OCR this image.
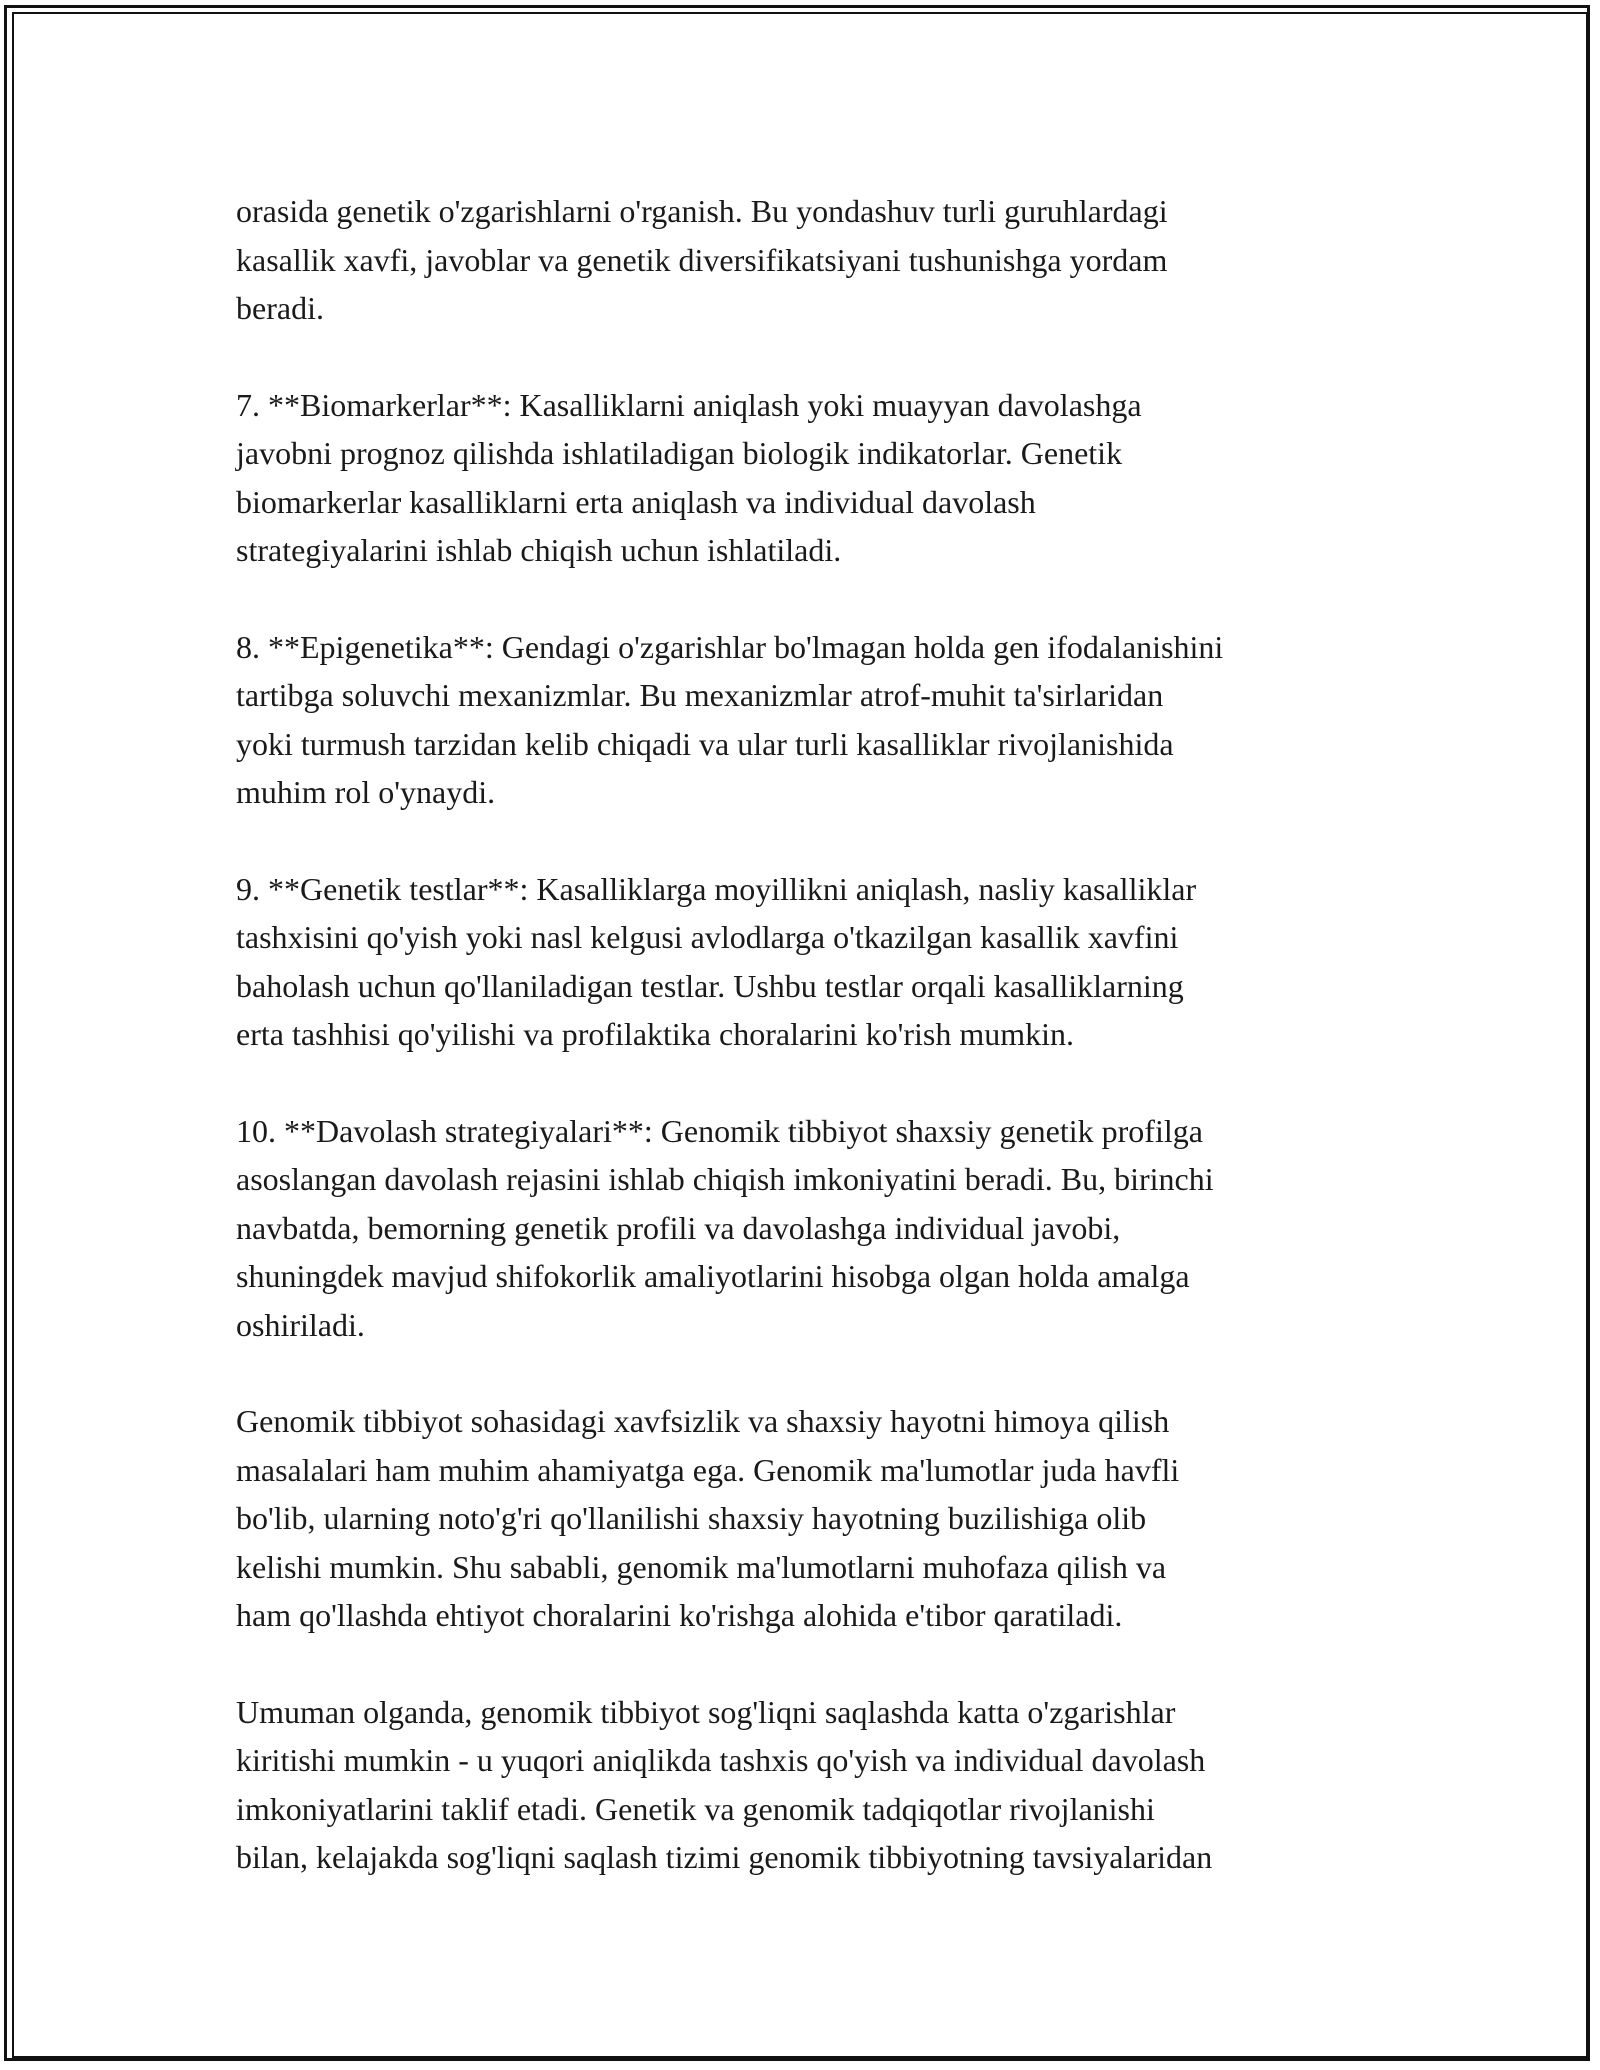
orasida genetik o'zgarishlarni o'rganish. Bu yondashuv turli guruhlardagi
kasallik xavfi, javoblar va genetik diversifikatsiyani tushunishga yordam
beradi.

7. **Biomarkerlar**: Kasalliklarni aniqlash yoki muayyan davolashga
javobni prognoz qilishda ishlatiladigan biologik indikatorlar. Genetik
biomarkerlar kasalliklarni erta aniqlash va individual davolash
strategiyalarini ishlab chiqish uchun ishlatiladi.

8. **Epigenetika**: Gendagi o'zgarishlar bo'lmagan holda gen ifodalanishini
tartibga soluvchi mexanizmlar. Bu mexanizmlar atrof-muhit ta'sirlaridan
yoki turmush tarzidan kelib chiqadi va ular turli kasalliklar rivojlanishida
muhim rol o'ynaydi.

9. **Genetik testlar**: Kasalliklarga moyillikni aniqlash, nasliy kasalliklar
tashxisini qo'yish yoki nasl kelgusi avlodlarga o'tkazilgan kasallik xavfini
baholash uchun qo'llaniladigan testlar. Ushbu testlar orqali kasalliklarning
erta tashhisi qo'yilishi va profilaktika choralarini ko'rish mumkin.

10. **Davolash strategiyalari**: Genomik tibbiyot shaxsiy genetik profilga
asoslangan davolash rejasini ishlab chiqish imkoniyatini beradi. Bu, birinchi
navbatda, bemorning genetik profili va davolashga individual javobi,
shuningdek mavjud shifokorlik amaliyotlarini hisobga olgan holda amalga
oshiriladi.

Genomik tibbiyot sohasidagi xavfsizlik va shaxsiy hayotni himoya qilish
masalalari ham muhim ahamiyatga ega. Genomik ma'lumotlar juda havfli
bo'lib, ularning noto'g'ri qo'llanilishi shaxsiy hayotning buzilishiga olib
kelishi mumkin. Shu sababli, genomik ma'lumotlarni muhofaza qilish va
ham qo'llashda ehtiyot choralarini ko'rishga alohida e'tibor qaratiladi.

Umuman olganda, genomik tibbiyot sog'liqni saqlashda katta o'zgarishlar
kiritishi mumkin - u yuqori aniqlikda tashxis qo'yish va individual davolash
imkoniyatlarini taklif etadi. Genetik va genomik tadqiqotlar rivojlanishi
bilan, kelajakda sog'liqni saqlash tizimi genomik tibbiyotning tavsiyalaridan
